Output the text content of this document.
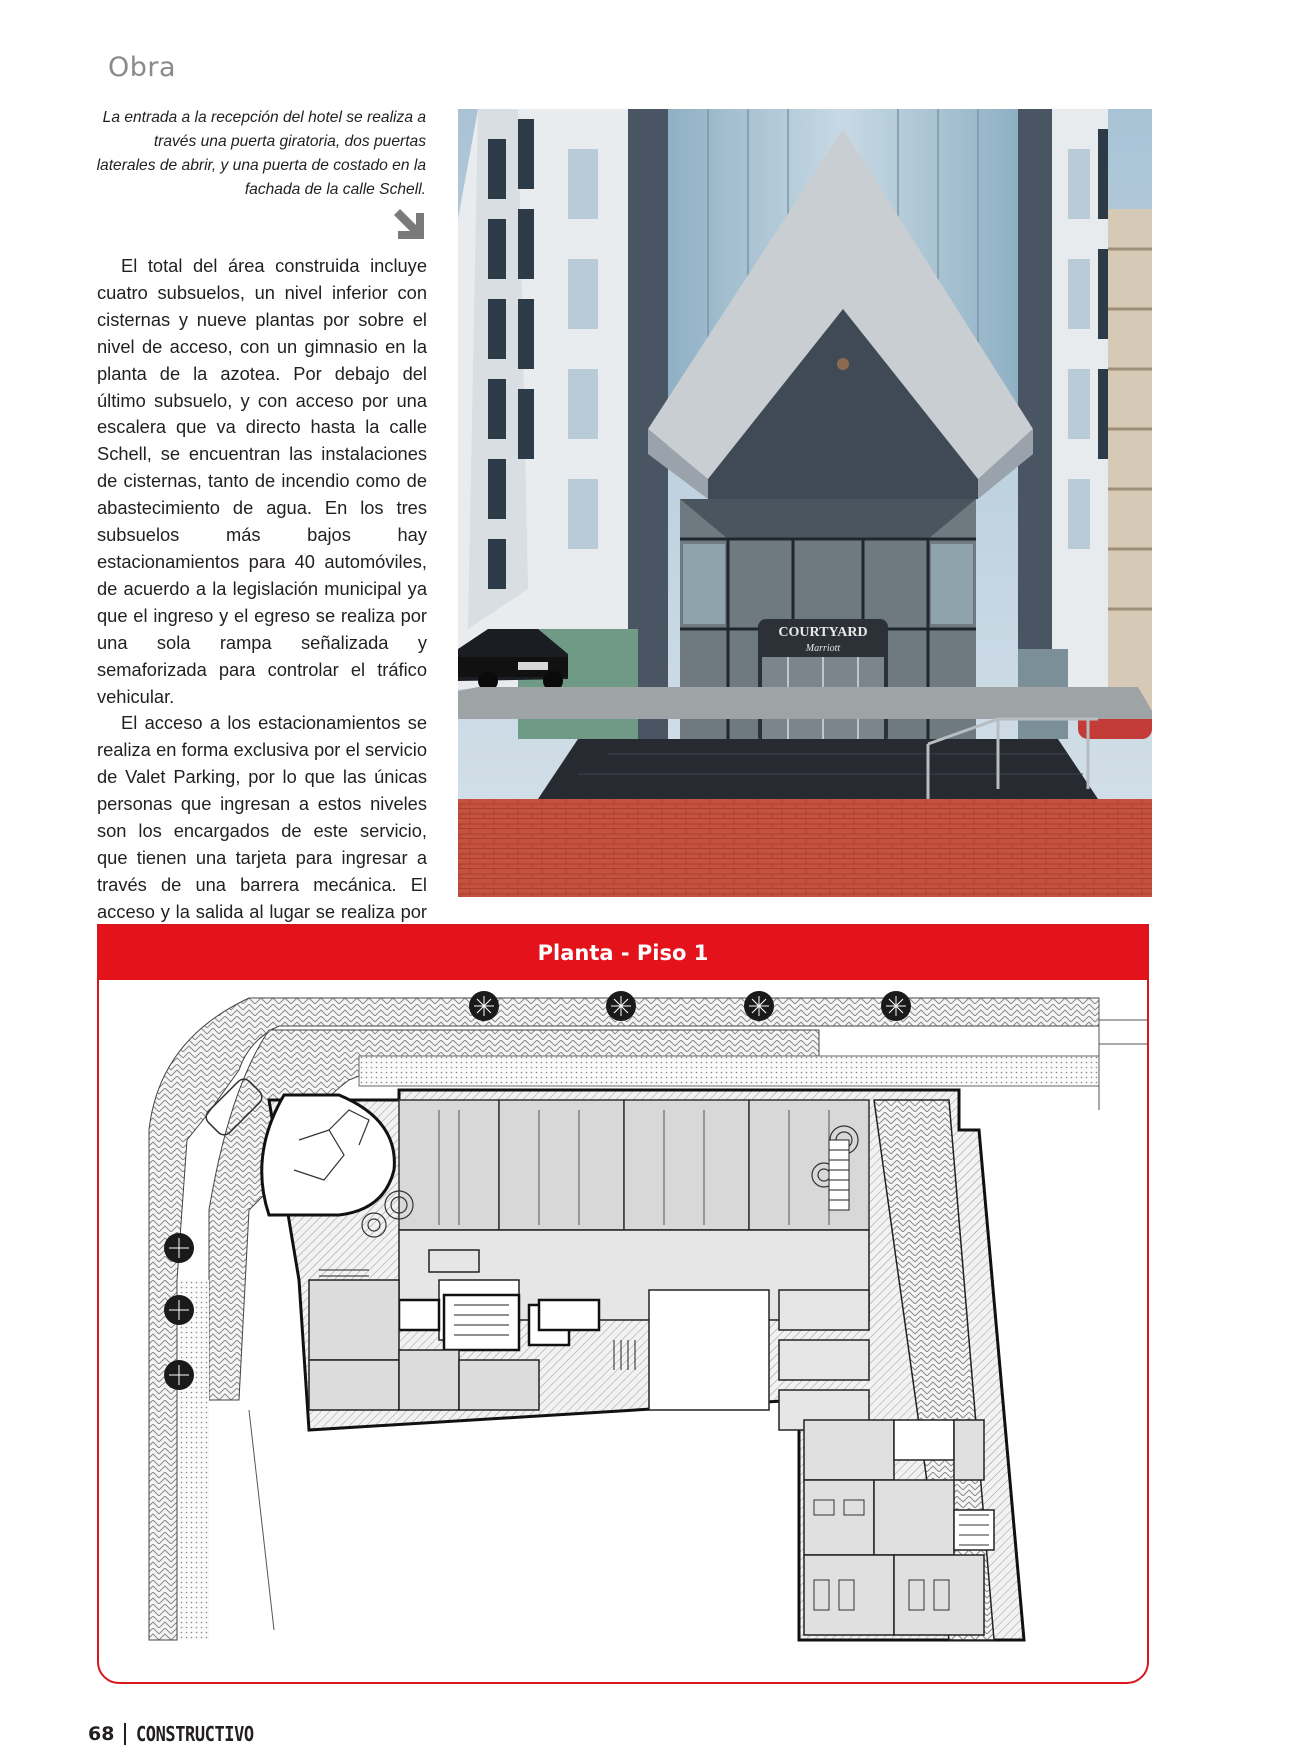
Obra
La entrada a la recepción del hotel se realiza a través una puerta giratoria, dos puertas laterales de abrir, y una puerta de costado en la fachada de la calle Schell.

El total del área construida incluye cuatro subsuelos, un nivel inferior con cisternas y nueve plantas por sobre el nivel de acceso, con un gimnasio en la planta de la azotea. Por debajo del último subsuelo, y con acceso por una escalera que va directo hasta la calle Schell, se encuentran las instalaciones de cisternas, tanto de incendio como de abastecimiento de agua. En los tres subsuelos más bajos hay estacionamientos para 40 automóviles, de acuerdo a la legislación municipal ya que el ingreso y el egreso se realiza por una sola rampa señalizada y semaforizada para controlar el tráfico vehicular.

El acceso a los estacionamientos se realiza en forma exclusiva por el servicio de Valet Parking, por lo que las únicas personas que ingresan a estos niveles son los encargados de este servicio, que tienen una tarjeta para ingresar a través de una barrera mecánica. El acceso y la salida al lugar se realiza por

COURTYARD
Marriott
Planta - Piso 1
68 CONSTRUCTIVO
